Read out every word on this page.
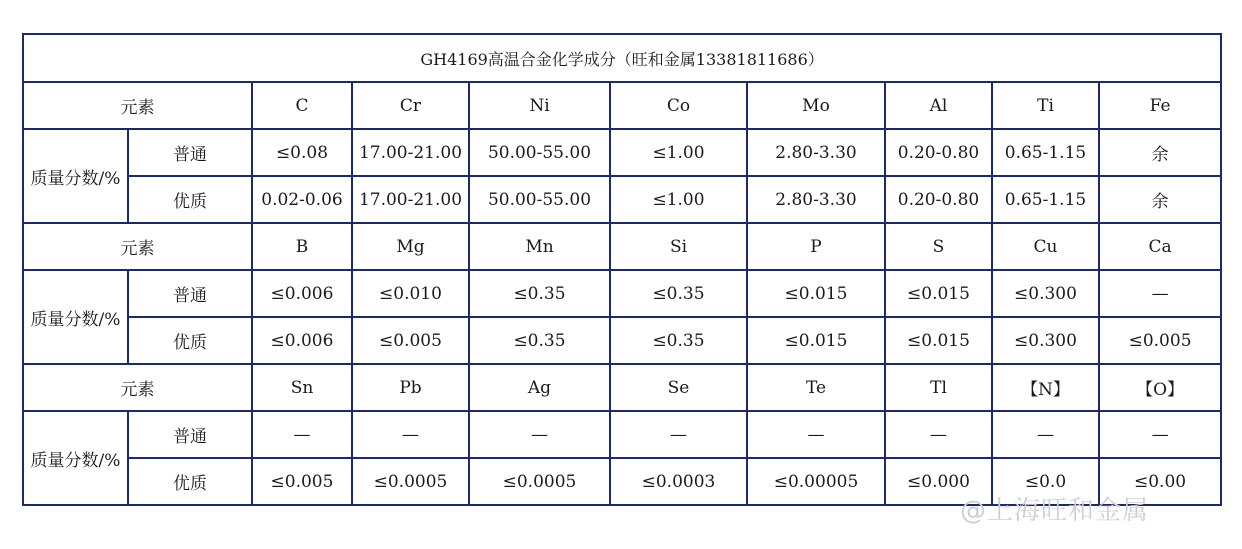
GH4169高温合金化学成分（旺和金属13381811686）									
元素		C	Cr	Ni	Co	Mo	Al	Ti	Fe
质量分数/%	普通	≤0.08	17.00-21.00	50.00-55.00	≤1.00	2.80-3.30	0.20-0.80	0.65-1.15	余
	优质	0.02-0.06	17.00-21.00	50.00-55.00	≤1.00	2.80-3.30	0.20-0.80	0.65-1.15	余
元素		B	Mg	Mn	Si	P	S	Cu	Ca
质量分数/%	普通	≤0.006	≤0.010	≤0.35	≤0.35	≤0.015	≤0.015	≤0.300	—
	优质	≤0.006	≤0.005	≤0.35	≤0.35	≤0.015	≤0.015	≤0.300	≤0.005
元素		Sn	Pb	Ag	Se	Te	Tl	【N】	【O】
质量分数/%	普通	—	—	—	—	—	—	—	—
	优质	≤0.005	≤0.0005	≤0.0005	≤0.0003	≤0.00005	≤0.000	≤0.0	≤0.00
@上海旺和金属
